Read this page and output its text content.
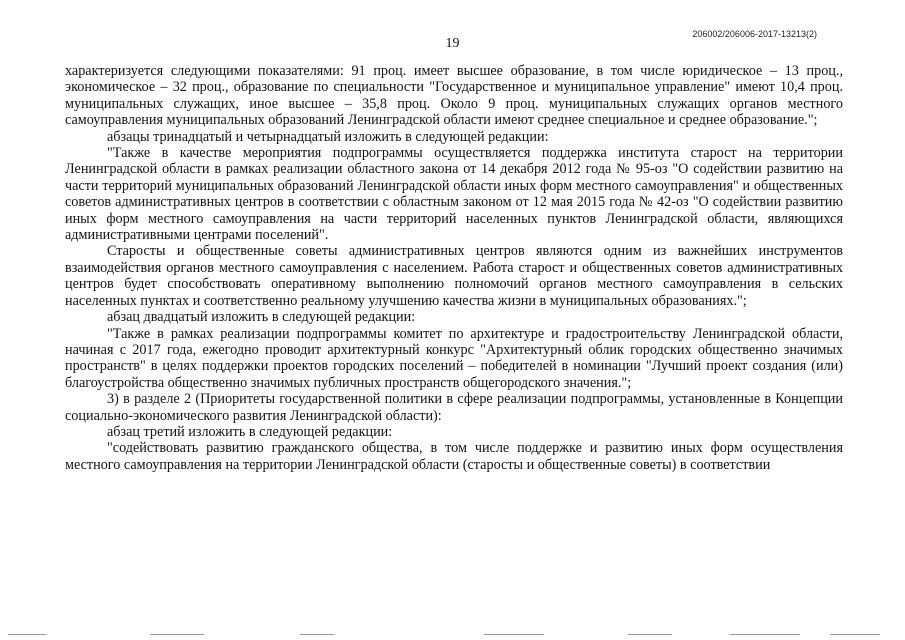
206002/206006-2017-13213(2)
19

характеризуется следующими показателями: 91 проц. имеет высшее образование, в том числе юридическое – 13 проц., экономическое – 32 проц., образование по специальности "Государственное и муниципальное управление" имеют 10,4 проц. муниципальных служащих, иное высшее – 35,8 проц. Около 9 проц. муниципальных служащих органов местного самоуправления муниципальных образований Ленинградской области имеют среднее специальное и среднее образование.";

абзацы тринадцатый и четырнадцатый изложить в следующей редакции:

"Также в качестве мероприятия подпрограммы осуществляется поддержка института старост на территории Ленинградской области в рамках реализации областного закона от 14 декабря 2012 года № 95-оз "О содействии развитию на части территорий муниципальных образований Ленинградской области иных форм местного самоуправления" и общественных советов административных центров в соответствии с областным законом от 12 мая 2015 года № 42-оз "О содействии развитию иных форм местного самоуправления на части территорий населенных пунктов Ленинградской области, являющихся административными центрами поселений".

Старосты и общественные советы административных центров являются одним из важнейших инструментов взаимодействия органов местного самоуправления с населением. Работа старост и общественных советов административных центров будет способствовать оперативному выполнению полномочий органов местного самоуправления в сельских населенных пунктах и соответственно реальному улучшению качества жизни в муниципальных образованиях.";

абзац двадцатый изложить в следующей редакции:

"Также в рамках реализации подпрограммы комитет по архитектуре и градостроительству Ленинградской области, начиная с 2017 года, ежегодно проводит архитектурный конкурс "Архитектурный облик городских общественно значимых пространств" в целях поддержки проектов городских поселений – победителей в номинации "Лучший проект создания (или) благоустройства общественно значимых публичных пространств общегородского значения.";

3) в разделе 2 (Приоритеты государственной политики в сфере реализации подпрограммы, установленные в Концепции социально-экономического развития Ленинградской области):

абзац третий изложить в следующей редакции:

"содействовать развитию гражданского общества, в том числе поддержке и развитию иных форм осуществления местного самоуправления на территории Ленинградской области (старосты и общественные советы) в соответствии
